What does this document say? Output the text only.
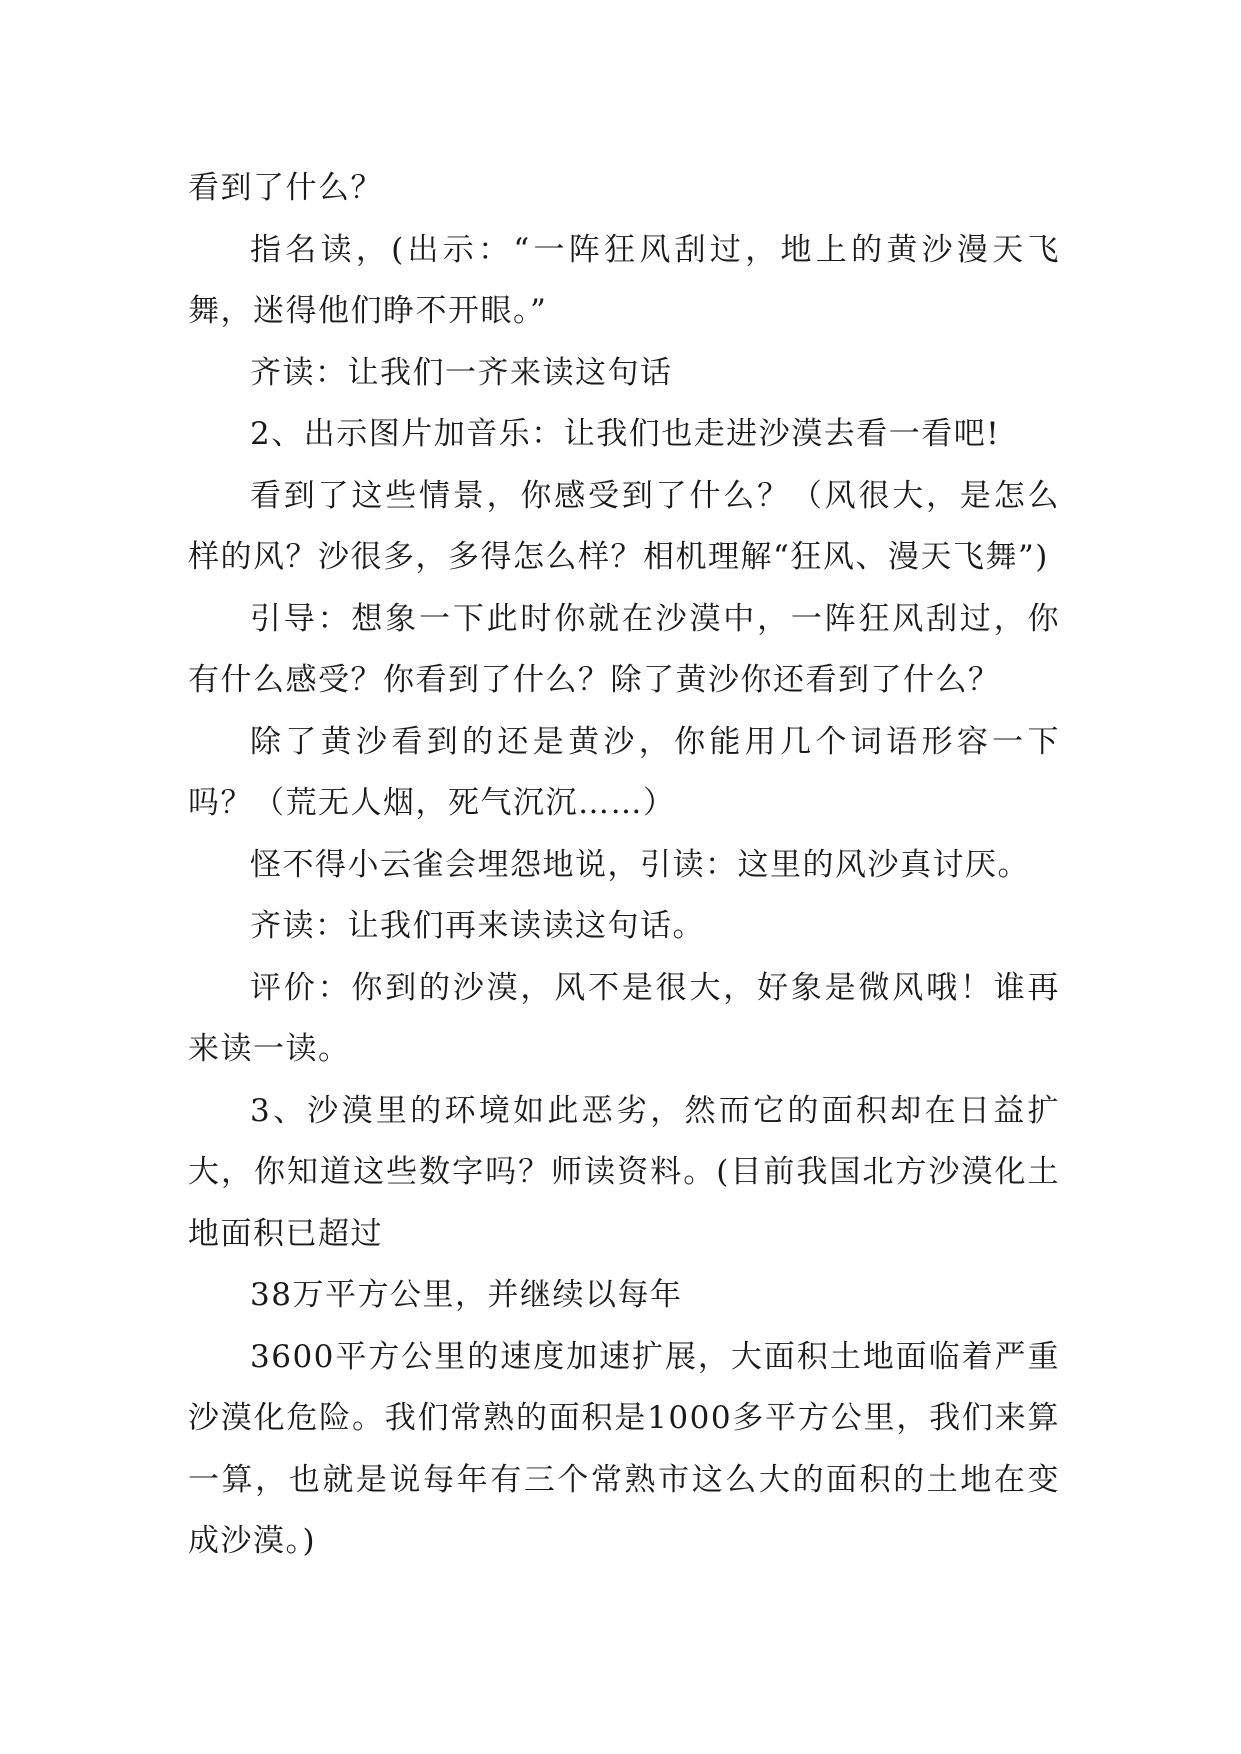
看到了什么？

指名读，(出示：“一阵狂风刮过，地上的黄沙漫天飞舞，迷得他们睁不开眼。”

齐读：让我们一齐来读这句话

2、出示图片加音乐：让我们也走进沙漠去看一看吧!

看到了这些情景，你感受到了什么？（风很大，是怎么样的风？沙很多，多得怎么样？相机理解“狂风、漫天飞舞”)

引导：想象一下此时你就在沙漠中，一阵狂风刮过，你有什么感受？你看到了什么？除了黄沙你还看到了什么？

除了黄沙看到的还是黄沙，你能用几个词语形容一下吗？（荒无人烟，死气沉沉……）

怪不得小云雀会埋怨地说，引读：这里的风沙真讨厌。

齐读：让我们再来读读这句话。

评价：你到的沙漠，风不是很大，好象是微风哦！谁再来读一读。

3、沙漠里的环境如此恶劣，然而它的面积却在日益扩大，你知道这些数字吗？师读资料。(目前我国北方沙漠化土地面积已超过

38万平方公里，并继续以每年

3600平方公里的速度加速扩展，大面积土地面临着严重沙漠化危险。我们常熟的面积是1000多平方公里，我们来算一算，也就是说每年有三个常熟市这么大的面积的土地在变成沙漠。)
